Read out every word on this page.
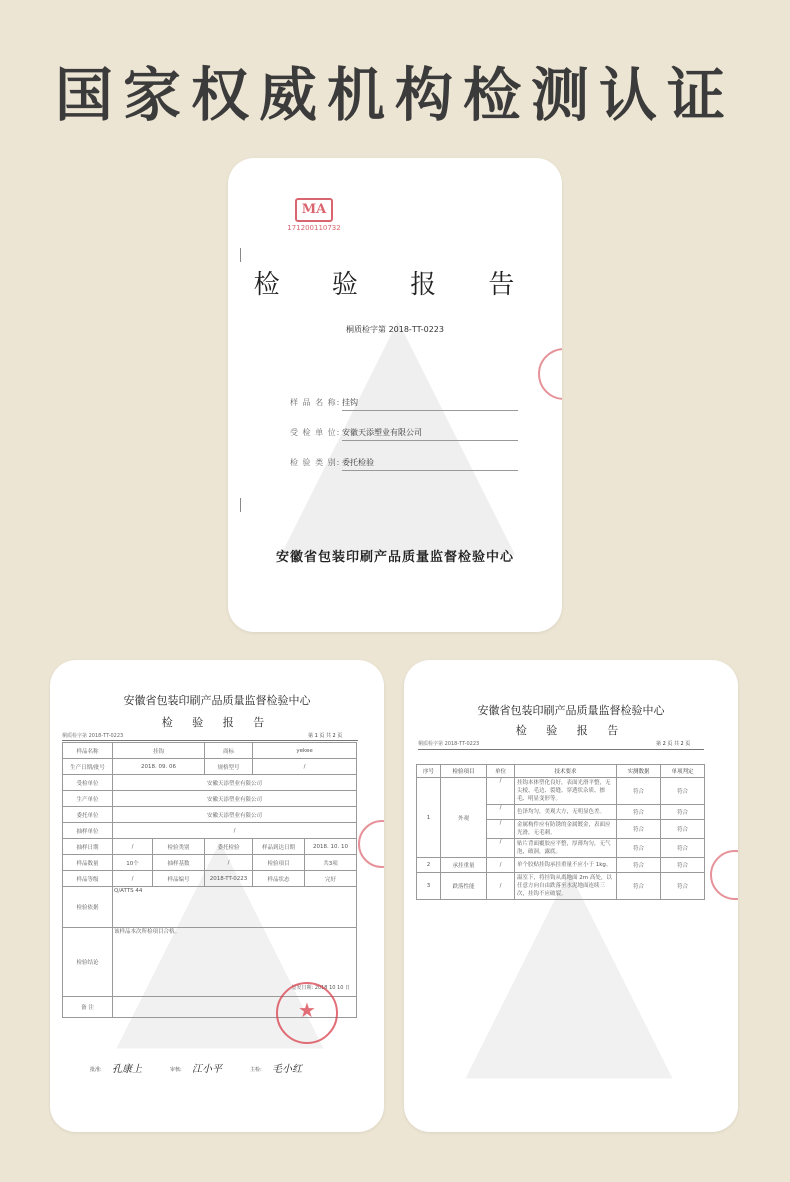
国家权威机构检测认证
MA
171200110732
检 验 报 告
桐质检字第 2018-TT-0223
样 品 名 称: 挂钩
受 检 单 位: 安徽天添塑业有限公司
检 验 类 别: 委托检验
安徽省包装印刷产品质量监督检验中心
安徽省包装印刷产品质量监督检验中心
检 验 报 告
桐质检字第 2018-TT-0223	第 1 页 共 2 页
样品名称	挂钩		商标	yekee	
生产日期/批号	2018. 09. 06		规格型号	/	
受检单位	安徽天添塑业有限公司				
生产单位	安徽天添塑业有限公司				
委托单位	安徽天添塑业有限公司				
抽样单位	/				
抽样日期	/	检验类别	委托检验	样品到达日期	2018. 10. 10
样品数量	10个	抽样基数	/	检验项目	共3项
样品等级	/	样品编号	2018-TT-0223	样品状态	完好
检验依据	Q/ATTS 44				
检验结论	该样品本次所检项目合格。
签发日期: 2018 10 10 日				

备 注						★
批准: 孔康上	审核: 江小平	主检: 毛小红
安徽省包装印刷产品质量监督检验中心
检 验 报 告
桐质检字第 2018-TT-0223	第 2 页 共 2 页
序号	检验项目	单位	技术要求	实测数据	单项判定
1	外观	/	挂钩本体塑化良好，表面光滑平整，无尖棱、毛边、裂缝、穿透状杂质、擦毛、明显变形等。	符合	符合
		/	色泽均匀，美观大方，无明显色差。	符合	符合
		/	金属构件应有防锈的金属镀金，表面应光滑，无毛刺。	符合	符合
		/	贴片背面覆胶应平整，厚薄均匀，无气泡，破洞，露底。	符合	符合
2	承挂重量	/	单个胶贴挂钩承挂重量不应小于 1kg。	符合	符合
3	跌落性能	/	温室下，将挂钩从离地面 2m 高处，以任意方向自由跌落至水泥地面连续三次，挂钩不应破裂。	符合	符合
